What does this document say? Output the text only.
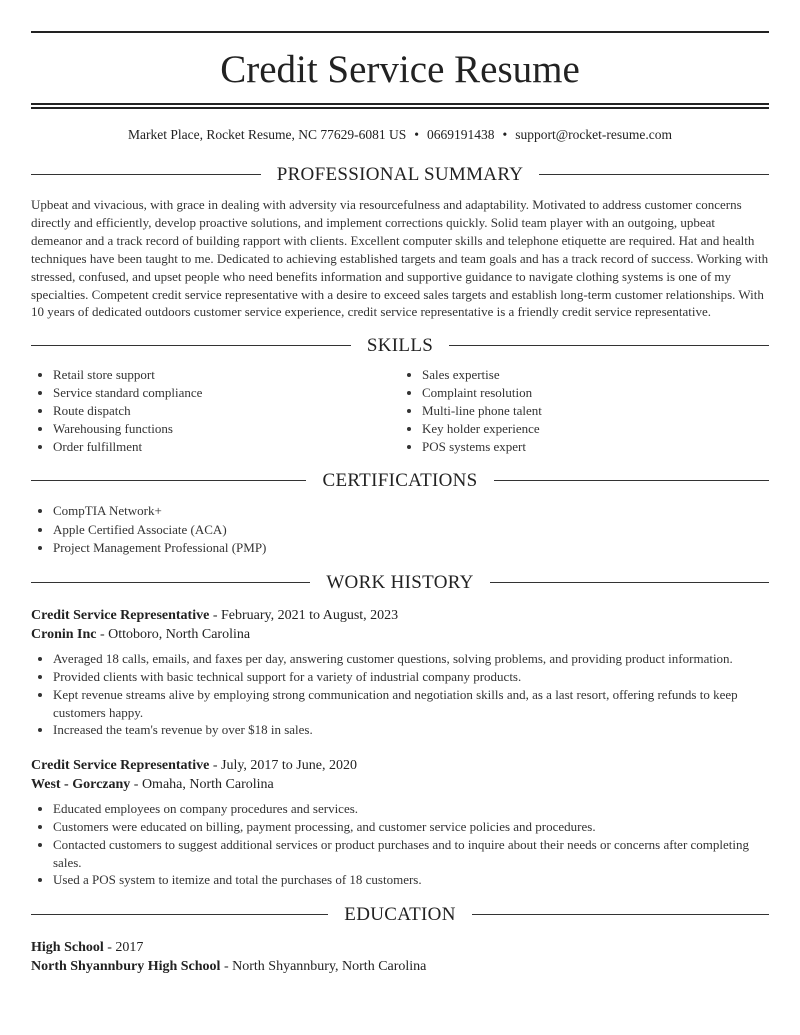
Credit Service Resume
Market Place, Rocket Resume, NC 77629-6081 US • 0669191438 • support@rocket-resume.com
PROFESSIONAL SUMMARY

Upbeat and vivacious, with grace in dealing with adversity via resourcefulness and adaptability. Motivated to address customer concerns directly and efficiently, develop proactive solutions, and implement corrections quickly. Solid team player with an outgoing, upbeat demeanor and a track record of building rapport with clients. Excellent computer skills and telephone etiquette are required. Hat and health techniques have been taught to me. Dedicated to achieving established targets and team goals and has a track record of success. Working with stressed, confused, and upset people who need benefits information and supportive guidance to navigate clothing systems is one of my specialties. Competent credit service representative with a desire to exceed sales targets and establish long-term customer relationships. With 10 years of dedicated outdoors customer service experience, credit service representative is a friendly credit service representative.

SKILLS
• Retail store support
• Service standard compliance
• Route dispatch
• Warehousing functions
• Order fulfillment
• Sales expertise
• Complaint resolution
• Multi-line phone talent
• Key holder experience
• POS systems expert
CERTIFICATIONS
• CompTIA Network+
• Apple Certified Associate (ACA)
• Project Management Professional (PMP)
WORK HISTORY
Credit Service Representative - February, 2021 to August, 2023
Cronin Inc - Ottoboro, North Carolina
• Averaged 18 calls, emails, and faxes per day, answering customer questions, solving problems, and providing product information.
• Provided clients with basic technical support for a variety of industrial company products.
• Kept revenue streams alive by employing strong communication and negotiation skills and, as a last resort, offering refunds to keep customers happy.
• Increased the team's revenue by over $18 in sales.
Credit Service Representative - July, 2017 to June, 2020
West - Gorczany - Omaha, North Carolina
• Educated employees on company procedures and services.
• Customers were educated on billing, payment processing, and customer service policies and procedures.
• Contacted customers to suggest additional services or product purchases and to inquire about their needs or concerns after completing sales.
• Used a POS system to itemize and total the purchases of 18 customers.
EDUCATION
High School - 2017
North Shyannbury High School - North Shyannbury, North Carolina
